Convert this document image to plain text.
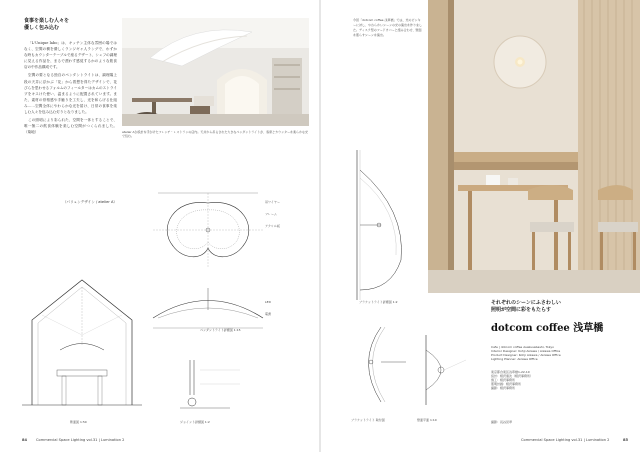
食事を楽しむ人々を
優しく包み込む

「L'Unique labo」は、キッチン主体な雰囲の場ではなく、空間の横を優しくランジギャ人ラングで、わずかな時もカウンターテーブルで座るデザート、シェフの調理に見える作品を、まるで漂わす感覚するかのような飲食店の中作品構成です。

空間の要となる独自のペンダントライトは、調理場上段の天井に浮かぶ「花」から着想を得たデザインで、花びらを思わせるフォルムのフィールターはカムのストライプをキスけた使い、温まるように配置されています。また、素材の骨格感や手触りを工夫し、光を和らげる仕組み……空間全体にやわらかな光を届け、日常の食事を楽しむ人々を包み込む灯りとなりました。

この照明により彩られた、空間を一体とすることで、唯一無二の飲食体験を楽しむ空間がつくられました。（菊地）

（パリュンデザイン / atelier A）
atelier Aが設計を手がけたフレンチ・レストランの店内。天井から吊るされた大きなペンダントライトが、客席とカウンターを柔らかな光で包む。
吊ワイヤー
フレーム
アクリル板
LED
電源
ペンダントライト詳細図 1:15
断面図 1:50	ジョイント詳細図 1:2
84 Commercial Space Lighting vol.31 | Lumination 2
今回「dotcom coffee 浅草橋」では、光のピンキーに対し、やわらかいシーンの光の演出を作りました。ディスク型のフードカバーと組み合わせ、壁面を照らすシーンを演出。
ブラケットライト詳細図 1:2
ブラケットライト 取付図	壁面平面 1:10
それぞれのシーンにふさわしい
照明が空間に彩をもたらす
dotcom coffee 浅草橋
Cafe | dotcom coffee Asakusabashi, Tokyo
Interior Designer: Kohji Aizawa / Aizawa Office
Product Designer: Kohji Aizawa / Aizawa Office
Lighting Planner: Aizawa Office
東京都台東区浅草橋1-22-10
設計：相沢康次（相沢事務所）
施工：相沢事務所
照明計画：相沢事務所
撮影：相沢事務所
撮影：長谷見翠
Commercial Space Lighting vol.31 | Lumination 2	85
